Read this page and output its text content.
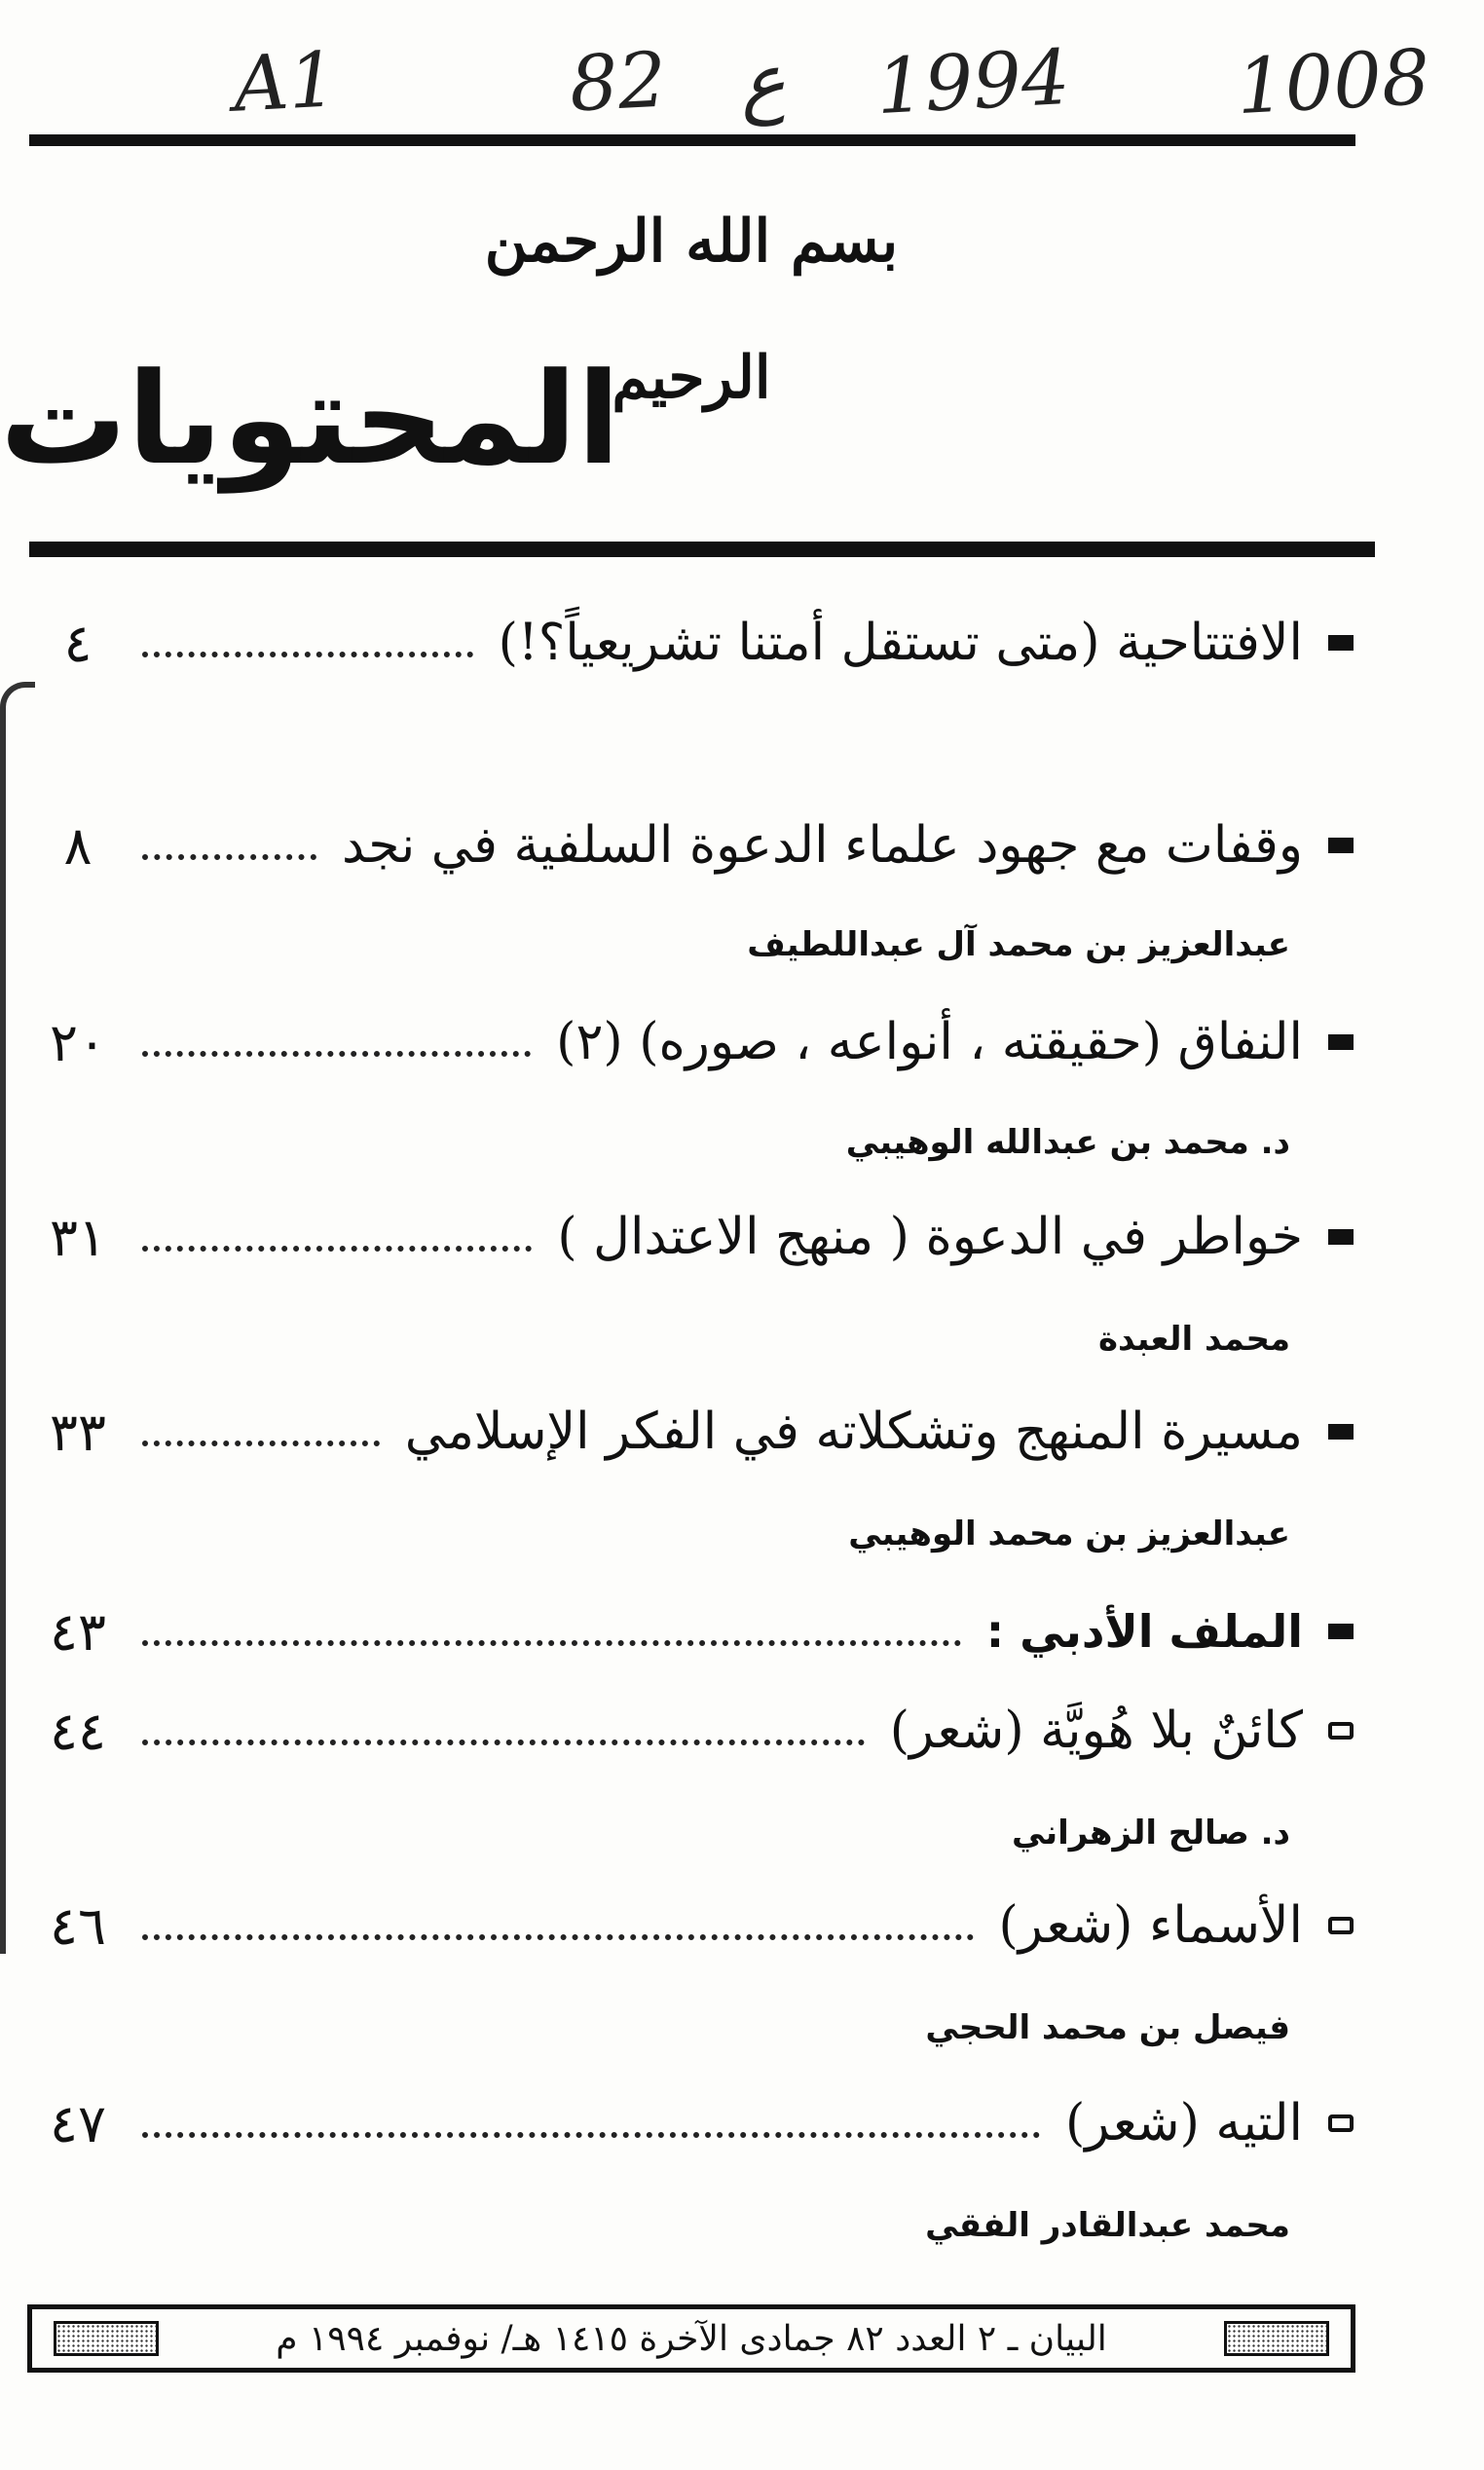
A1	82 ع 1994 1008
بسم الله الرحمن الرحيم
المحتويات
الافتتاحية (متى تستقل أمتنا تشريعياً؟!)
٤
وقفات مع جهود علماء الدعوة السلفية في نجد
٨
عبدالعزيز بن محمد آل عبداللطيف
النفاق (حقيقته ، أنواعه ، صوره) (٢)
٢٠
د. محمد بن عبدالله الوهيبي
خواطر في الدعوة ( منهج الاعتدال )
٣١
محمد العبدة
مسيرة المنهج وتشكلاته في الفكر الإسلامي
٣٣
عبدالعزيز بن محمد الوهيبي
الملف الأدبي :
٤٣
كائنٌ بلا هُويَّة (شعر)
٤٤
د. صالح الزهراني
الأسماء (شعر)
٤٦
فيصل بن محمد الحجي
التيه (شعر)
٤٧
محمد عبدالقادر الفقي
البيان ـ ٢ العدد ٨٢ جمادى الآخرة ١٤١٥ هـ/ نوفمبر ١٩٩٤ م
